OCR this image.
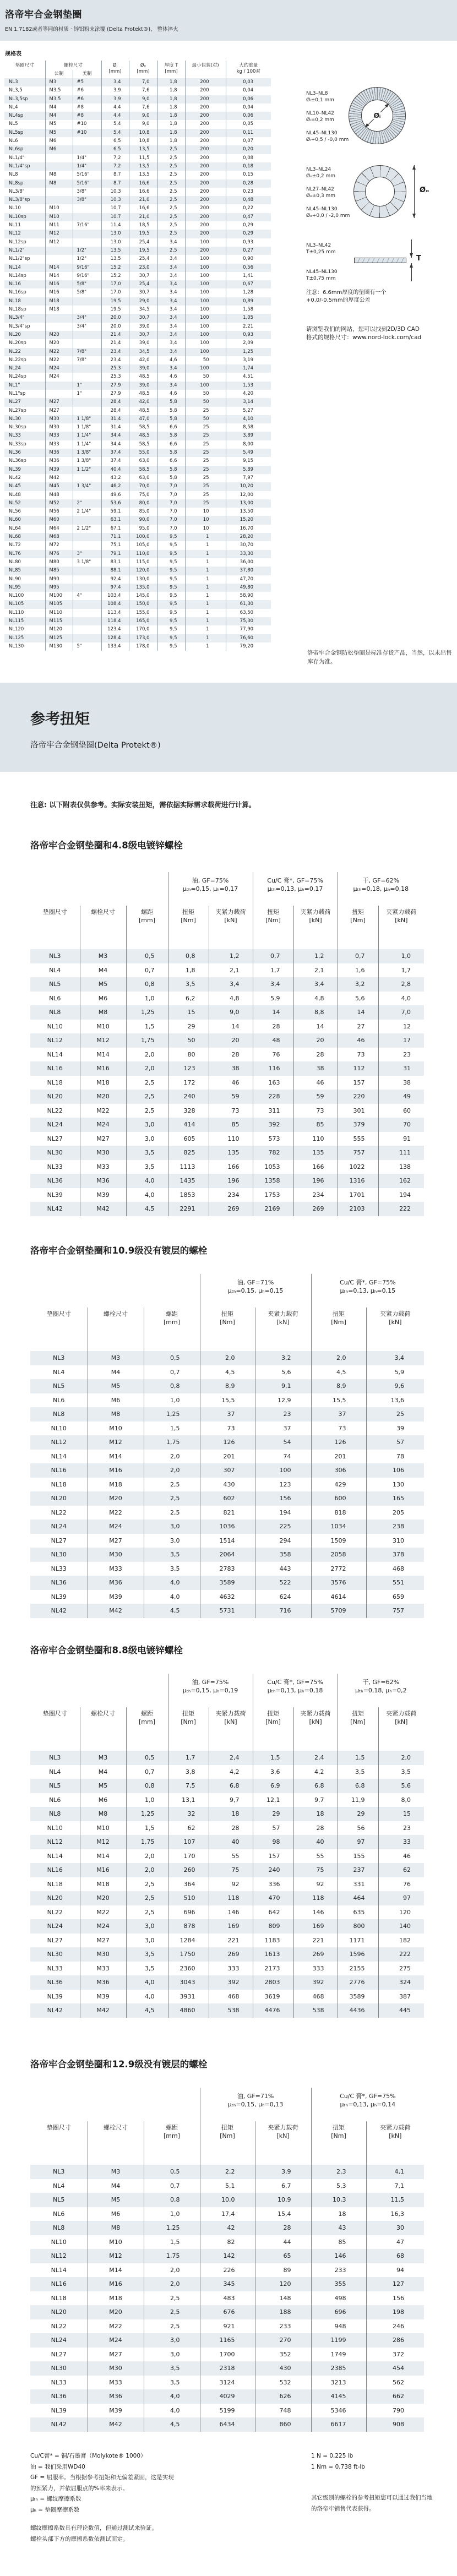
洛帝牢合金钢垫圈
EN 1.7182或者等同的材质 · 锌铝粉末涂覆 (Delta Protekt®)， 整体淬火
规格表
垫圈尺寸	螺栓尺寸	Øᵢ
[mm]

Øₒ
[mm]

厚度 T
[mm]
	最小包装(对)	大约重量
kg / 100对

	公制	美制					
NL3	M3	#5	3,4	7,0	1,8	200	0,03
NL3,5	M3,5	#6	3,9	7,6	1,8	200	0,04
NL3,5sp	M3,5	#6	3,9	9,0	1,8	200	0,06
NL4	M4	#8	4,4	7,6	1,8	200	0,04
NL4sp	M4	#8	4,4	9,0	1,8	200	0,06
NL5	M5	#10	5,4	9,0	1,8	200	0,05
NL5sp	M5	#10	5,4	10,8	1,8	200	0,11
NL6	M6		6,5	10,8	1,8	200	0,07
NL6sp	M6		6,5	13,5	2,5	200	0,20
NL1/4"		1/4"	7,2	11,5	2,5	200	0,08
NL1/4"sp		1/4"	7,2	13,5	2,5	200	0,18
NL8	M8	5/16"	8,7	13,5	2,5	200	0,15
NL8sp	M8	5/16"	8,7	16,6	2,5	200	0,28
NL3/8"		3/8"	10,3	16,6	2,5	200	0,23
NL3/8"sp		3/8"	10,3	21,0	2,5	200	0,48
NL10	M10		10,7	16,6	2,5	200	0,22
NL10sp	M10		10,7	21,0	2,5	200	0,47
NL11	M11	7/16"	11,4	18,5	2,5	200	0,29
NL12	M12		13,0	19,5	2,5	200	0,29
NL12sp	M12		13,0	25,4	3,4	100	0,93
NL1/2"		1/2"	13,5	19,5	2,5	200	0,27
NL1/2"sp		1/2"	13,5	25,4	3,4	100	0,90
NL14	M14	9/16"	15,2	23,0	3,4	100	0,56
NL14sp	M14	9/16"	15,2	30,7	3,4	100	1,41
NL16	M16	5/8"	17,0	25,4	3,4	100	0,67
NL16sp	M16	5/8"	17,0	30,7	3,4	100	1,28
NL18	M18		19,5	29,0	3,4	100	0,89
NL18sp	M18		19,5	34,5	3,4	100	1,58
NL3/4"		3/4"	20,0	30,7	3,4	100	1,05
NL3/4"sp		3/4"	20,0	39,0	3,4	100	2,21
NL20	M20		21,4	30,7	3,4	100	0,93
NL20sp	M20		21,4	39,0	3,4	100	2,09
NL22	M22	7/8"	23,4	34,5	3,4	100	1,25
NL22sp	M22	7/8"	23,4	42,0	4,6	50	3,19
NL24	M24		25,3	39,0	3,4	100	1,74
NL24sp	M24		25,3	48,5	4,6	50	4,51
NL1"		1"	27,9	39,0	3,4	100	1,53
NL1"sp		1"	27,9	48,5	4,6	50	4,20
NL27	M27		28,4	42,0	5,8	50	3,14
NL27sp	M27		28,4	48,5	5,8	25	5,27
NL30	M30	1 1/8"	31,4	47,0	5,8	50	4,10
NL30sp	M30	1 1/8"	31,4	58,5	6,6	25	8,58
NL33	M33	1 1/4"	34,4	48,5	5,8	25	3,89
NL33sp	M33	1 1/4"	34,4	58,5	6,6	25	8,00
NL36	M36	1 3/8"	37,4	55,0	5,8	25	5,49
NL36sp	M36	1 3/8"	37,4	63,0	6,6	25	9,15
NL39	M39	1 1/2"	40,4	58,5	5,8	25	5,89
NL42	M42		43,2	63,0	5,8	25	7,97
NL45	M45	1 3/4"	46,2	70,0	7,0	25	10,20
NL48	M48		49,6	75,0	7,0	25	12,00
NL52	M52	2"	53,6	80,0	7,0	25	13,00
NL56	M56	2 1/4"	59,1	85,0	7,0	10	13,50
NL60	M60		63,1	90,0	7,0	10	15,20
NL64	M64	2 1/2"	67,1	95,0	7,0	10	16,70
NL68	M68		71,1	100,0	9,5	1	28,20
NL72	M72		75,1	105,0	9,5	1	30,70
NL76	M76	3"	79,1	110,0	9,5	1	33,30
NL80	M80	3 1/8"	83,1	115,0	9,5	1	36,00
NL85	M85		88,1	120,0	9,5	1	37,80
NL90	M90		92,4	130,0	9,5	1	47,70
NL95	M95		97,4	135,0	9,5	1	49,80
NL100	M100	4"	103,4	145,0	9,5	1	58,90
NL105	M105		108,4	150,0	9,5	1	61,30
NL110	M110		113,4	155,0	9,5	1	63,50
NL115	M115		118,4	165,0	9,5	1	75,30
NL120	M120		123,4	170,0	9,5	1	77,90
NL125	M125		128,4	173,0	9,5	1	76,60
NL130	M130	5"	133,4	178,0	9,5	1	79,20
NL3–NL8
Øᵢ±0,1 mm
NL10–NL42
Øᵢ±0,2 mm
NL45–NL130
Øᵢ+0,5 / -0,0 mm
Øᵢ
NL3–NL24
Øₒ±0,2 mm
NL27–NL42
Øₒ±0,3 mm
NL45–NL130
Øₒ+0,0 / -2,0 mm
Øₒ
NL3–NL42
T±0,25 mm
NL45–NL130
T±0,75 mm
T
注意：6.6mm厚度的垫圈有一个
+0,0/-0.5mm的厚度公差
请浏览我们的网站，您可以找到2D/3D CAD
格式的规格尺寸：www.nord-lock.com/cad
洛帝牢合金钢防松垫圈是标准存货产品，当然，以未出售库存为准。
参考扭矩
洛帝牢合金钢垫圈(Delta Protekt®)
注意: 以下附表仅供参考。实际安装扭矩，需依据实际需求载荷进行计算。
洛帝牢合金钢垫圈和4.8级电镀锌螺栓

油, GF=75%
μₜₕ=0,15, μₕ=0,17

Cu/C 膏*, GF=75%
μₜₕ=0,13, μₕ=0,17

干, GF=62%
μₜₕ=0,18, μₕ=0,18

垫圈尺寸	螺栓尺寸	螺距
[mm]

扭矩
[Nm]

夹紧力载荷
[kN]

扭矩
[Nm]

夹紧力载荷
[kN]

扭矩
[Nm]

夹紧力载荷
[kN]

NL3	M3	0,5	0,8	1,2	0,7	1,2	0,7	1,0
NL4	M4	0,7	1,8	2,1	1,7	2,1	1,6	1,7
NL5	M5	0,8	3,5	3,4	3,4	3,4	3,2	2,8
NL6	M6	1,0	6,2	4,8	5,9	4,8	5,6	4,0
NL8	M8	1,25	15	9,0	14	8,8	14	7,0
NL10	M10	1,5	29	14	28	14	27	12
NL12	M12	1,75	50	20	48	20	46	17
NL14	M14	2,0	80	28	76	28	73	23
NL16	M16	2,0	123	38	116	38	112	31
NL18	M18	2,5	172	46	163	46	157	38
NL20	M20	2,5	240	59	228	59	220	49
NL22	M22	2,5	328	73	311	73	301	60
NL24	M24	3,0	414	85	392	85	379	70
NL27	M27	3,0	605	110	573	110	555	91
NL30	M30	3,5	825	135	782	135	757	111
NL33	M33	3,5	1113	166	1053	166	1022	138
NL36	M36	4,0	1435	196	1358	196	1316	162
NL39	M39	4,0	1853	234	1753	234	1701	194
NL42	M42	4,5	2291	269	2169	269	2103	222
洛帝牢合金钢垫圈和10.9级没有镀层的螺栓

油, GF=71%
μₜₕ=0,15, μₕ=0,15

Cu/C 膏*, GF=75%
μₜₕ=0,13, μₕ=0,15

垫圈尺寸	螺栓尺寸	螺距
[mm]

扭矩
[Nm]

夹紧力载荷
[kN]

扭矩
[Nm]

夹紧力载荷
[kN]

NL3	M3	0,5	2,0	3,2	2,0	3,4
NL4	M4	0,7	4,5	5,6	4,5	5,9
NL5	M5	0,8	8,9	9,1	8,9	9,6
NL6	M6	1,0	15,5	12,9	15,5	13,6
NL8	M8	1,25	37	23	37	25
NL10	M10	1,5	73	37	73	39
NL12	M12	1,75	126	54	126	57
NL14	M14	2,0	201	74	201	78
NL16	M16	2,0	307	100	306	106
NL18	M18	2,5	430	123	429	130
NL20	M20	2,5	602	156	600	165
NL22	M22	2,5	821	194	818	205
NL24	M24	3,0	1036	225	1034	238
NL27	M27	3,0	1514	294	1509	310
NL30	M30	3,5	2064	358	2058	378
NL33	M33	3,5	2783	443	2772	468
NL36	M36	4,0	3589	522	3576	551
NL39	M39	4,0	4632	624	4614	659
NL42	M42	4,5	5731	716	5709	757
洛帝牢合金钢垫圈和8.8级电镀锌螺栓

油, GF=75%
μₜₕ=0,15, μₕ=0,19

Cu/C 膏*, GF=75%
μₜₕ=0,13, μₕ=0,18

干, GF=62%
μₜₕ=0,18, μₕ=0,2

垫圈尺寸	螺栓尺寸	螺距
[mm]

扭矩
[Nm]

夹紧力载荷
[kN]

扭矩
[Nm]

夹紧力载荷
[kN]

扭矩
[Nm]

夹紧力载荷
[kN]

NL3	M3	0,5	1,7	2,4	1,5	2,4	1,5	2,0
NL4	M4	0,7	3,8	4,2	3,6	4,2	3,5	3,5
NL5	M5	0,8	7,5	6,8	6,9	6,8	6,8	5,6
NL6	M6	1,0	13,1	9,7	12,1	9,7	11,9	8,0
NL8	M8	1,25	32	18	29	18	29	15
NL10	M10	1,5	62	28	57	28	56	23
NL12	M12	1,75	107	40	98	40	97	33
NL14	M14	2,0	170	55	157	55	155	46
NL16	M16	2,0	260	75	240	75	237	62
NL18	M18	2,5	364	92	336	92	331	76
NL20	M20	2,5	510	118	470	118	464	97
NL22	M22	2,5	696	146	642	146	635	120
NL24	M24	3,0	878	169	809	169	800	140
NL27	M27	3,0	1284	221	1183	221	1171	182
NL30	M30	3,5	1750	269	1613	269	1596	222
NL33	M33	3,5	2360	333	2173	333	2155	275
NL36	M36	4,0	3043	392	2803	392	2776	324
NL39	M39	4,0	3931	468	3619	468	3589	387
NL42	M42	4,5	4860	538	4476	538	4436	445
洛帝牢合金钢垫圈和12.9级没有镀层的螺栓

油, GF=71%
μₜₕ=0,15, μₕ=0,13

Cu/C 膏*, GF=75%
μₜₕ=0,13, μₕ=0,14

垫圈尺寸	螺栓尺寸	螺距
[mm]

扭矩
[Nm]

夹紧力载荷
[kN]

扭矩
[Nm]

夹紧力载荷
[kN]

NL3	M3	0,5	2,2	3,9	2,3	4,1
NL4	M4	0,7	5,1	6,7	5,3	7,1
NL5	M5	0,8	10,0	10,9	10,3	11,5
NL6	M6	1,0	17,4	15,4	18	16,3
NL8	M8	1,25	42	28	43	30
NL10	M10	1,5	82	44	85	47
NL12	M12	1,75	142	65	146	68
NL14	M14	2,0	226	89	233	94
NL16	M16	2,0	345	120	355	127
NL18	M18	2,5	483	148	498	156
NL20	M20	2,5	676	188	696	198
NL22	M22	2,5	921	233	948	246
NL24	M24	3,0	1165	270	1199	286
NL27	M27	3,0	1700	352	1749	372
NL30	M30	3,5	2318	430	2385	454
NL33	M33	3,5	3124	532	3213	562
NL36	M36	4,0	4029	626	4145	662
NL39	M39	4,0	5199	748	5346	790
NL42	M42	4,5	6434	860	6617	908
Cu/C膏* = 铜/石墨膏（Molykote® 1000）
油 = 我们采用WD40
GF = 屈服率。当根据参考扭矩和无偏差紧固，这是实现
的预紧力，并依屈服点的%率来表示。
μₜₕ = 螺纹摩擦系数
μₕ = 垫圈摩擦系数
螺纹摩擦系数具有理论数值，但通过测试来验证。
螺栓头部下方的摩擦系数依测试而定。
1 N = 0,225 lb
1 Nm = 0,738 ft-lb
其它级别的螺栓的参考扭矩您可以通过我们当地
的洛帝牢销售代表获得。
